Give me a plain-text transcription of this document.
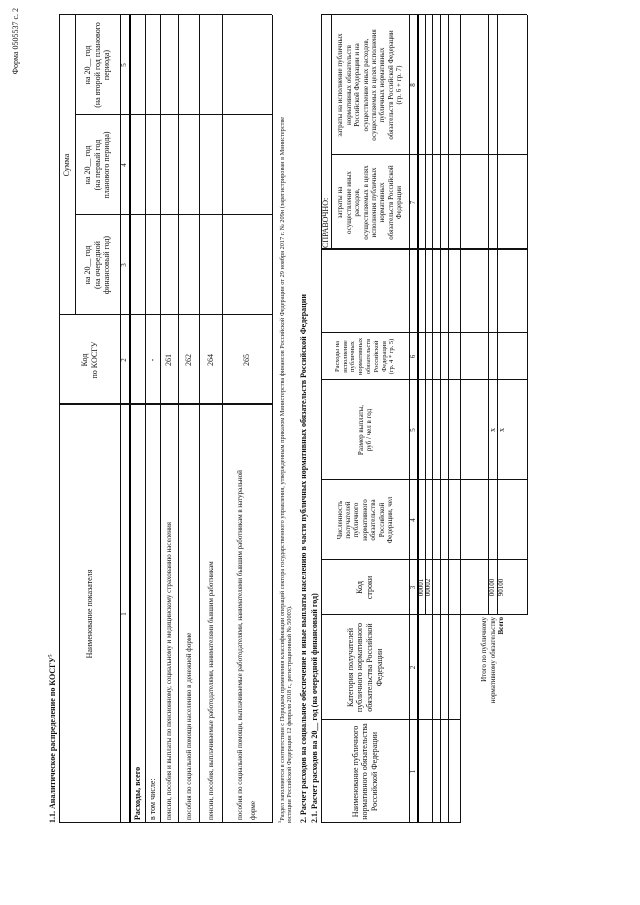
Форма 0505537 с. 2
1.1. Аналитическое распределение по КОСГУ$^5$	Наименование показателя
Код
по КОСГУ
Сумма
на 20__ год
(на очередной
финансовый год)
на 20__ год
(на первый год
планового периода)
на 20__ год
(на второй год планового
периода)
1
2
3
4
5
Расходы, всего в том числе:
-
пенсии, пособия и выплаты по пенсионному, социальному и медицинскому страхованию населения
261
пособия по социальной помощи населению в денежной форме
262
пенсии, пособия, выплачиваемые работодателями, нанимателями бывшим работникам
264
пособия по социальной помощи, выплачиваемые работодателями, нанимателями бывшим работникам в натуральной
форме
265
$^5$Раздел заполняется в соответствии с Порядком применения классификации операций сектора государственного управления, утвержденным приказом Министерства финансов Российской Федерации от 29 ноября 2017 г. № 209н (зарегистрирован в Министерстве юстиции Российской Федерации 12 февраля 2018 г., регистрационный № 50003). 2. Расчет расходов на социальное обеспечение и иные выплаты населению в части публичных нормативных обязательств Российской Федерации 2.1. Расчет расходов на 20__ год (на очередной финансовый год)	Наименование публичного
нормативного обязательства
Российской Федерации
Категория получателей
публичного нормативного
обязательства Российской
Федерации
Код
строки
Численность
получателей
публичного
нормативного
обязательства
Российской
Федерации, чел
Размер выплаты,
руб / чел в год
Расходы на
исполнение
публичных
нормативных
обязательств
Российской
Федерации
(гр. 4 * гр. 5)
СПРАВОЧНО: затраты на
осуществление иных
расходов,
осуществляемых в целях
исполнения публичных
нормативных
обязательств Российской
Федерации
затраты на исполнение публичных
нормативных обязательств
Российской Федерации и на
осуществление иных расходов,
осуществляемых в целях исполнения
публичных нормативных
обязательств Российской Федерации
(гр. 6 + гр. 7)
1
2
3
4
5
6
7
8
00001 00002
Итого по публичному
нормативному обязательству
00100
x
Всего
90100
x
